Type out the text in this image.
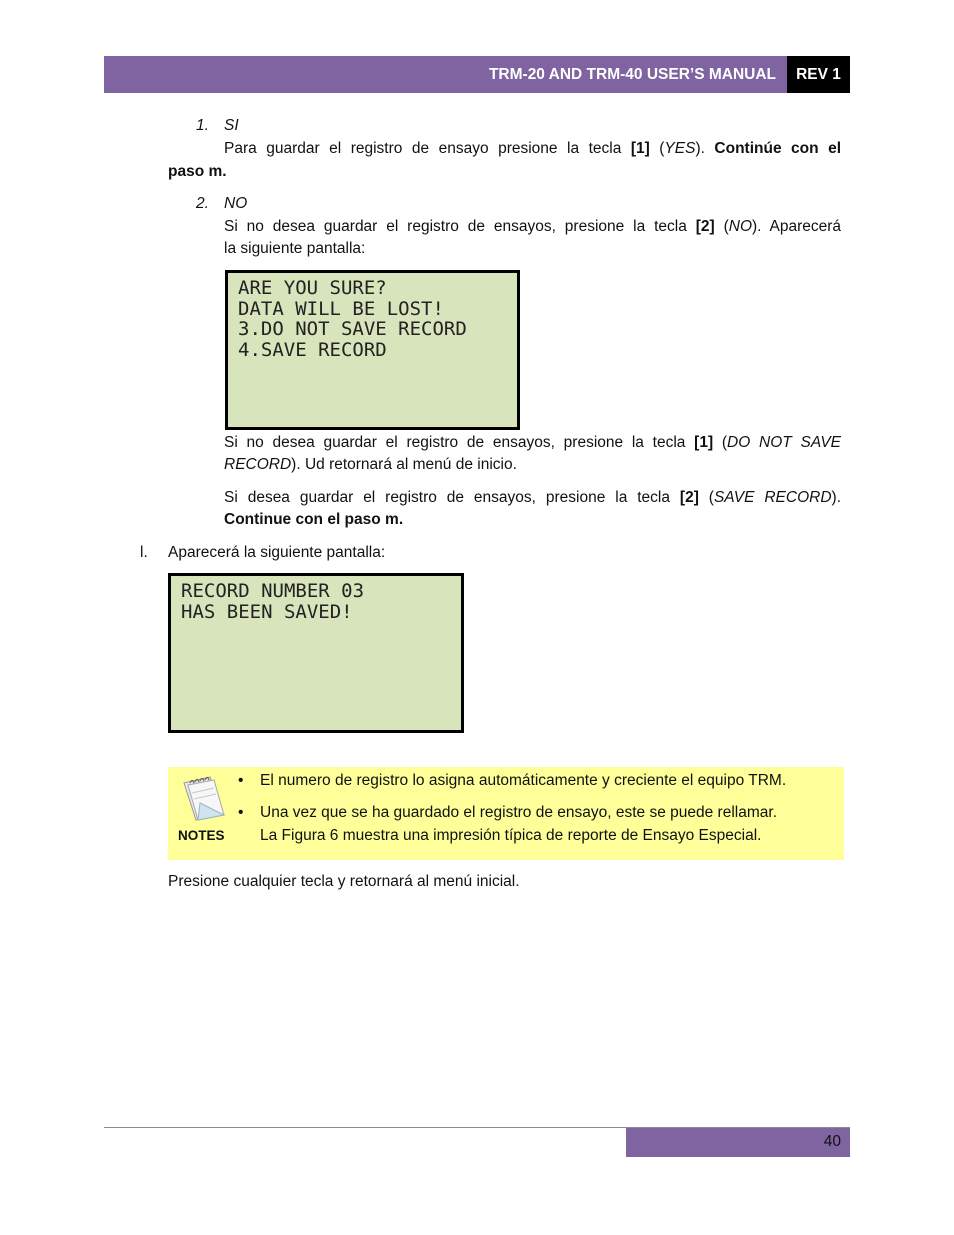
TRM-20 AND TRM-40 USER’S MANUAL	REV 1
1. SI
Para guardar el registro de ensayo presione la tecla [1] (YES). Continúe con el
paso m.
2. NO
Si no desea guardar el registro de ensayos, presione la tecla [2] (NO). Aparecerá
la siguiente pantalla:
ARE YOU SURE?
DATA WILL BE LOST!
3.DO NOT SAVE RECORD
4.SAVE RECORD
Si no desea guardar el registro de ensayos, presione la tecla [1] (DO NOT SAVE
RECORD). Ud retornará al menú de inicio.
Si desea guardar el registro de ensayos, presione la tecla [2] (SAVE RECORD).
Continue con el paso m.
l. Aparecerá la siguiente pantalla:
RECORD NUMBER 03
HAS BEEN SAVED!
NOTES
• El numero de registro lo asigna automáticamente y creciente el equipo TRM.
• Una vez que se ha guardado el registro de ensayo, este se puede rellamar.
La Figura 6 muestra una impresión típica de reporte de Ensayo Especial.
Presione cualquier tecla y retornará al menú inicial.
40
